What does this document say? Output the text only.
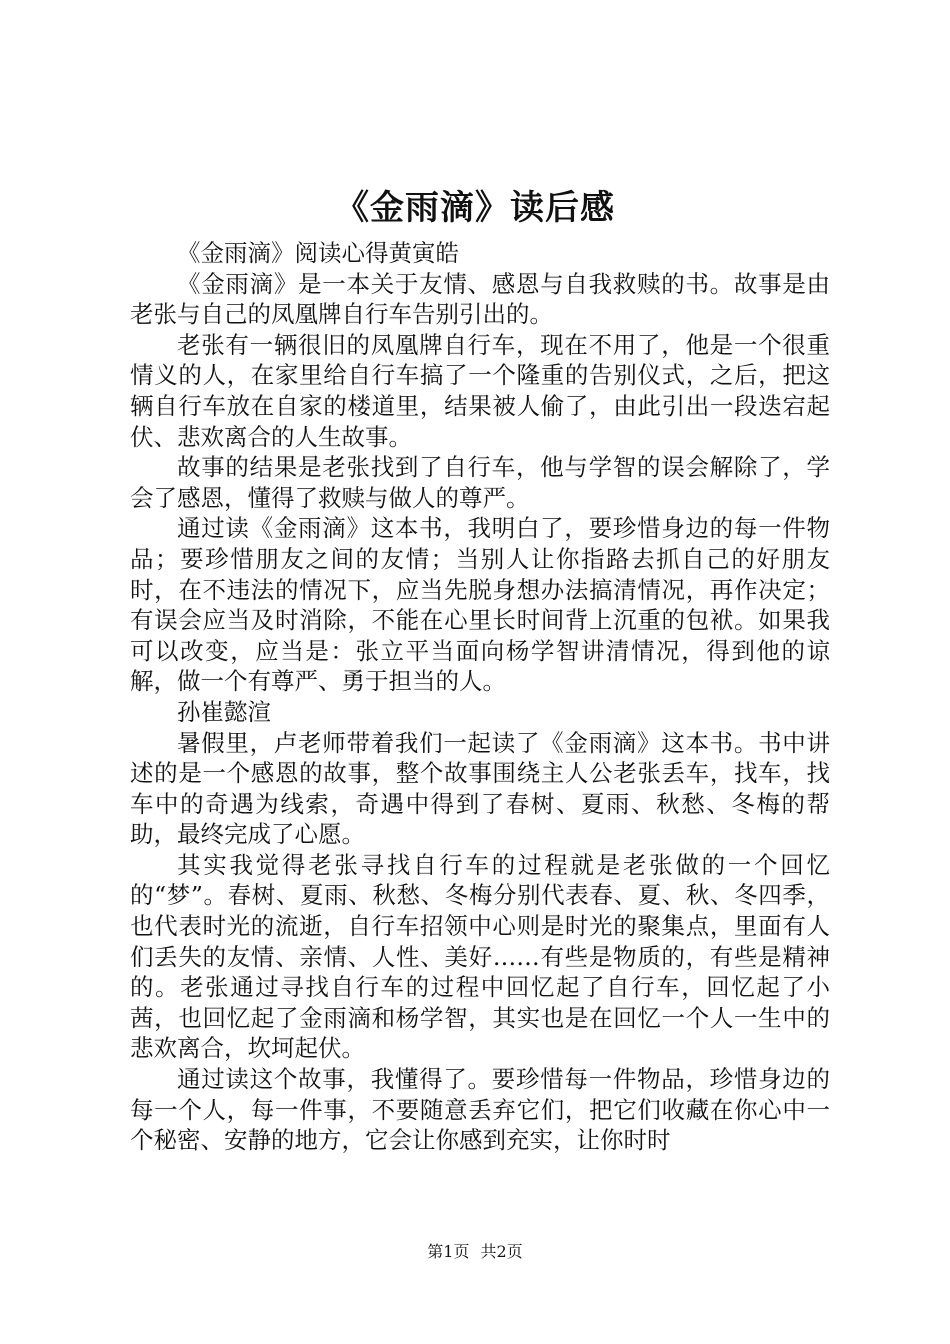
《金雨滴》读后感

《金雨滴》阅读心得黄寅皓

《金雨滴》是一本关于友情、感恩与自我救赎的书。故事是由老张与自己的凤凰牌自行车告别引出的。

老张有一辆很旧的凤凰牌自行车，现在不用了，他是一个很重情义的人，在家里给自行车搞了一个隆重的告别仪式，之后，把这辆自行车放在自家的楼道里，结果被人偷了，由此引出一段迭宕起伏、悲欢离合的人生故事。

故事的结果是老张找到了自行车，他与学智的误会解除了，学会了感恩，懂得了救赎与做人的尊严。

通过读《金雨滴》这本书，我明白了，要珍惜身边的每一件物品；要珍惜朋友之间的友情；当别人让你指路去抓自己的好朋友时，在不违法的情况下，应当先脱身想办法搞清情况，再作决定；有误会应当及时消除，不能在心里长时间背上沉重的包袱。如果我可以改变，应当是：张立平当面向杨学智讲清情况，得到他的谅解，做一个有尊严、勇于担当的人。

孙崔懿渲

暑假里，卢老师带着我们一起读了《金雨滴》这本书。书中讲述的是一个感恩的故事，整个故事围绕主人公老张丢车，找车，找车中的奇遇为线索，奇遇中得到了春树、夏雨、秋愁、冬梅的帮助，最终完成了心愿。

其实我觉得老张寻找自行车的过程就是老张做的一个回忆的“梦”。春树、夏雨、秋愁、冬梅分别代表春、夏、秋、冬四季，也代表时光的流逝，自行车招领中心则是时光的聚集点，里面有人们丢失的友情、亲情、人性、美好……有些是物质的，有些是精神的。老张通过寻找自行车的过程中回忆起了自行车，回忆起了小茜，也回忆起了金雨滴和杨学智，其实也是在回忆一个人一生中的悲欢离合，坎坷起伏。

通过读这个故事，我懂得了。要珍惜每一件物品，珍惜身边的每一个人，每一件事，不要随意丢弃它们，把它们收藏在你心中一个秘密、安静的地方，它会让你感到充实，让你时时

第1页 共2页
